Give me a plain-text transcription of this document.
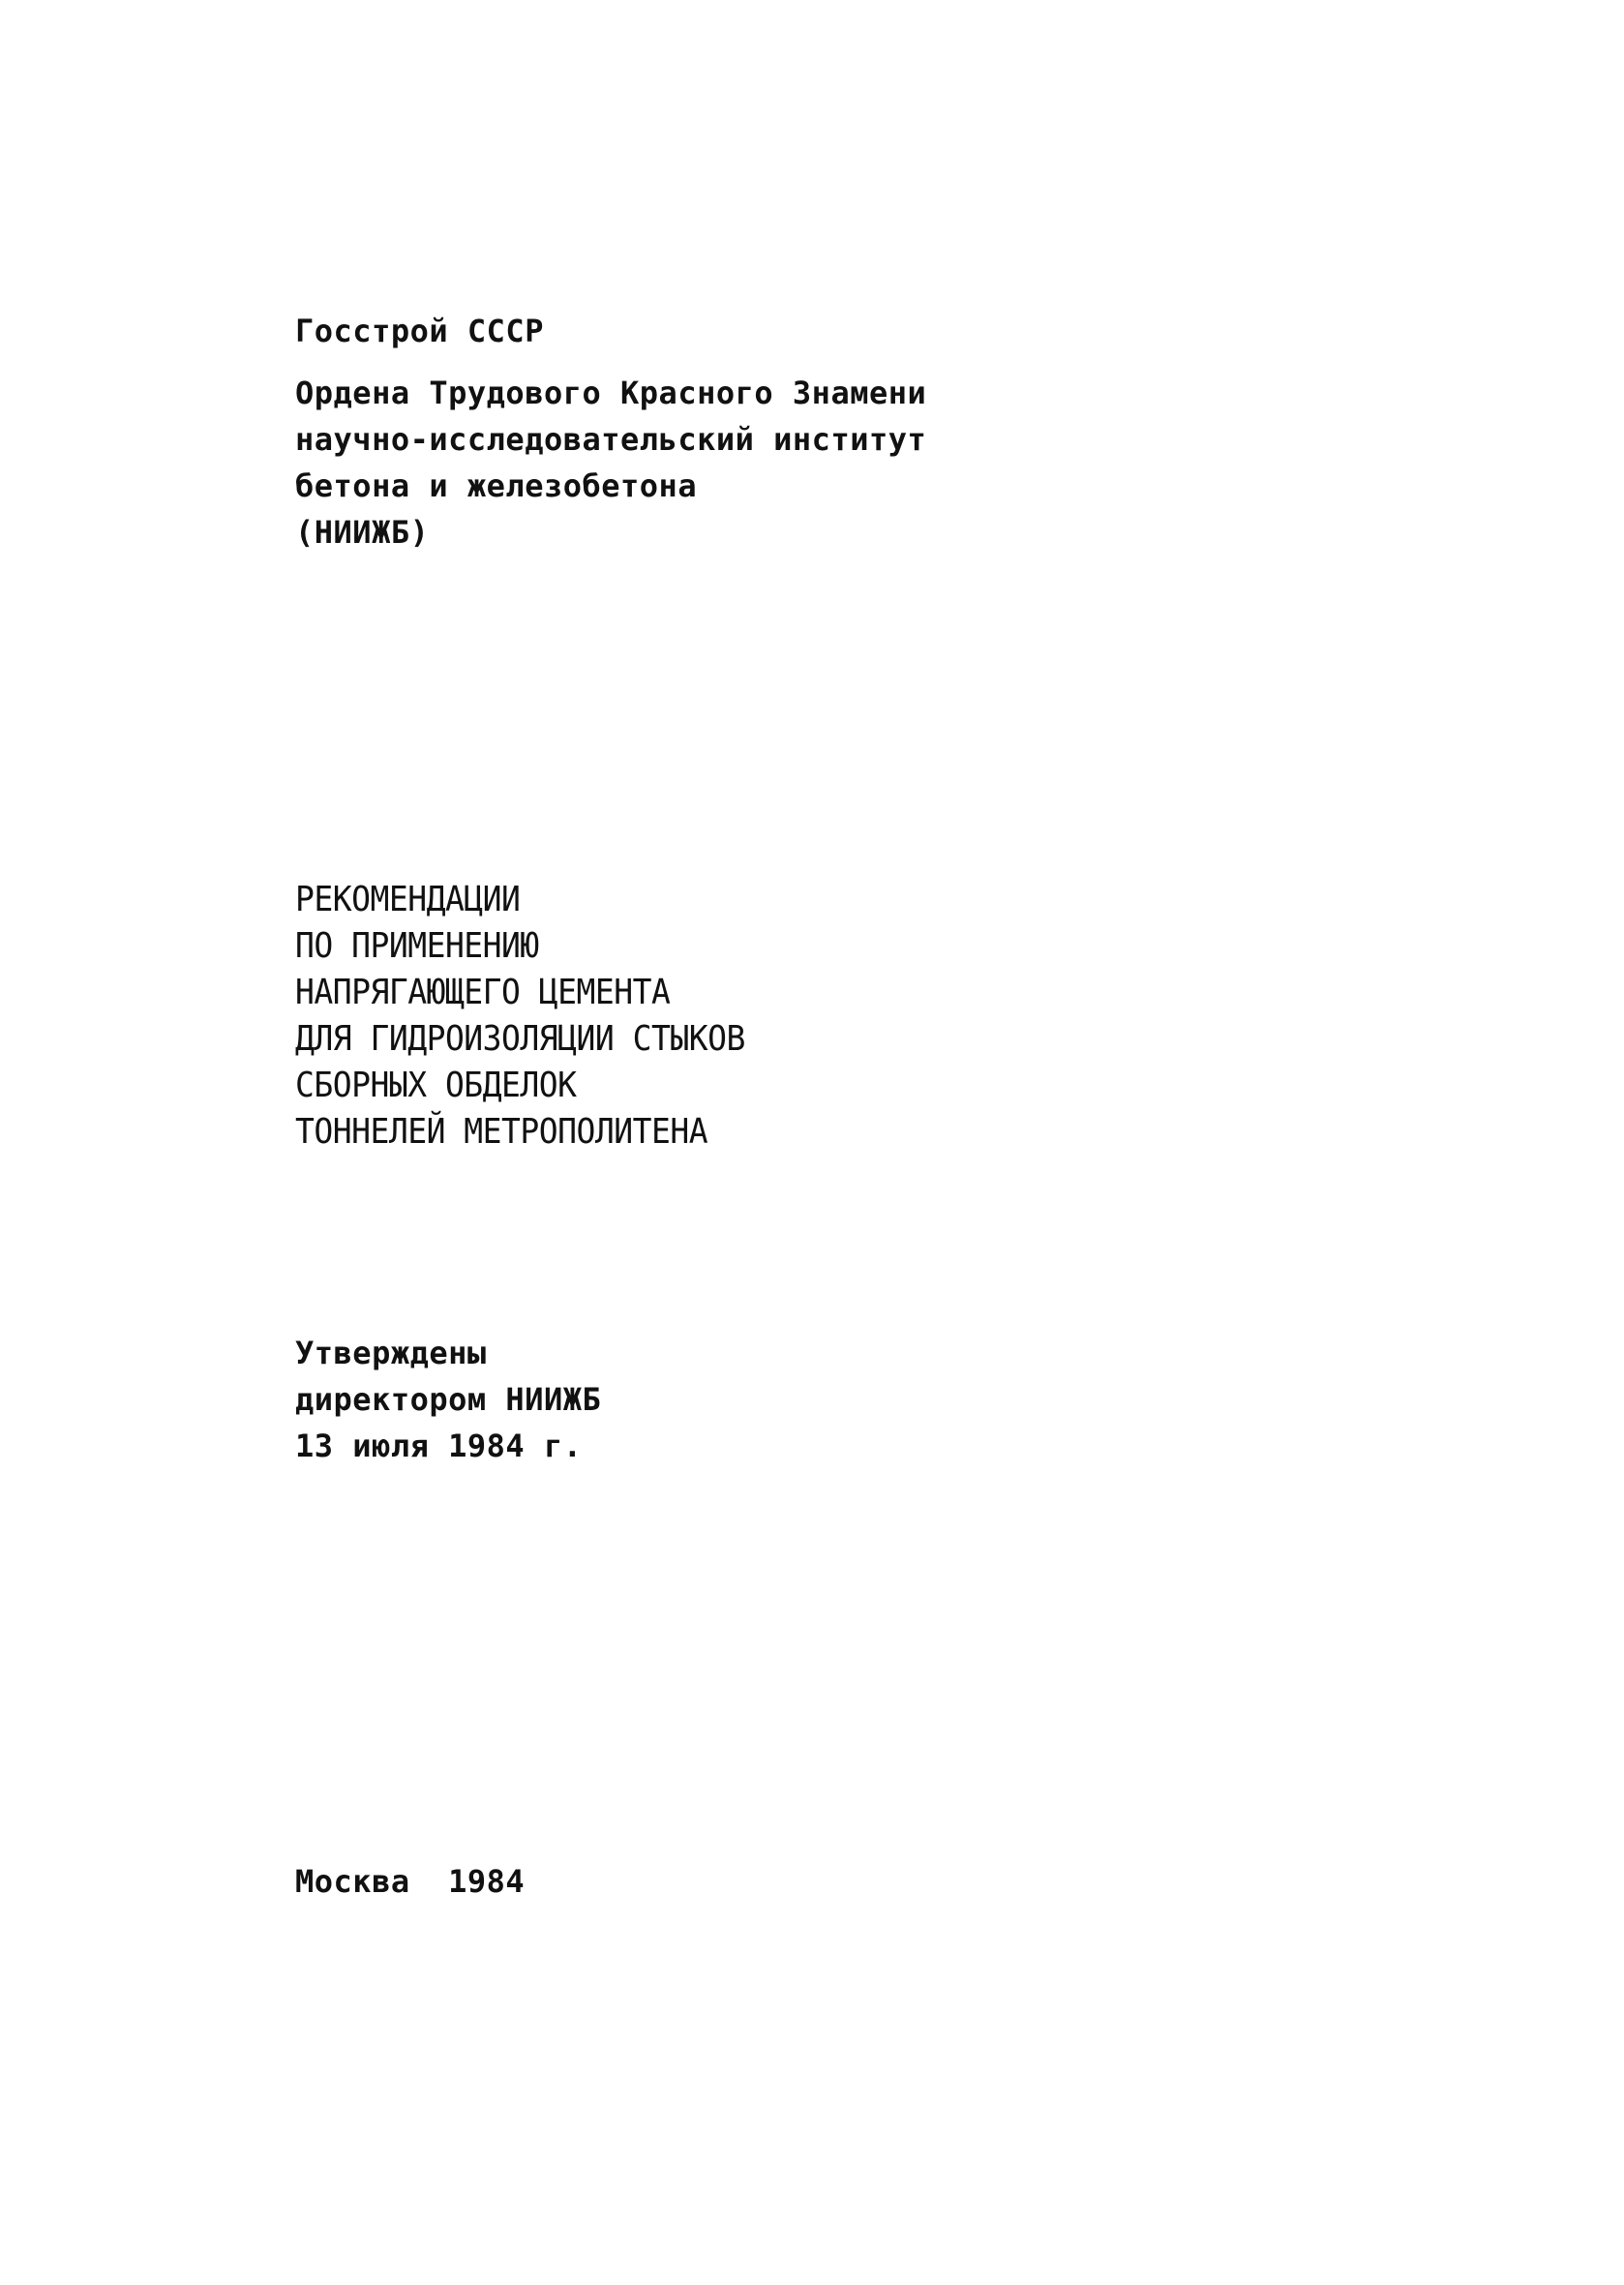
Госстрой СССР
Ордена Трудового Красного Знамени
научно-исследовательский институт
бетона и железобетона
(НИИЖБ)
РЕКОМЕНДАЦИИ
ПО ПРИМЕНЕНИЮ
НАПРЯГАЮЩЕГО ЦЕМЕНТА
ДЛЯ ГИДРОИЗОЛЯЦИИ СТЫКОВ
СБОРНЫХ ОБДЕЛОК
ТОННЕЛЕЙ МЕТРОПОЛИТЕНА
Утверждены
директором НИИЖБ
13 июля 1984 г.
Москва  1984
